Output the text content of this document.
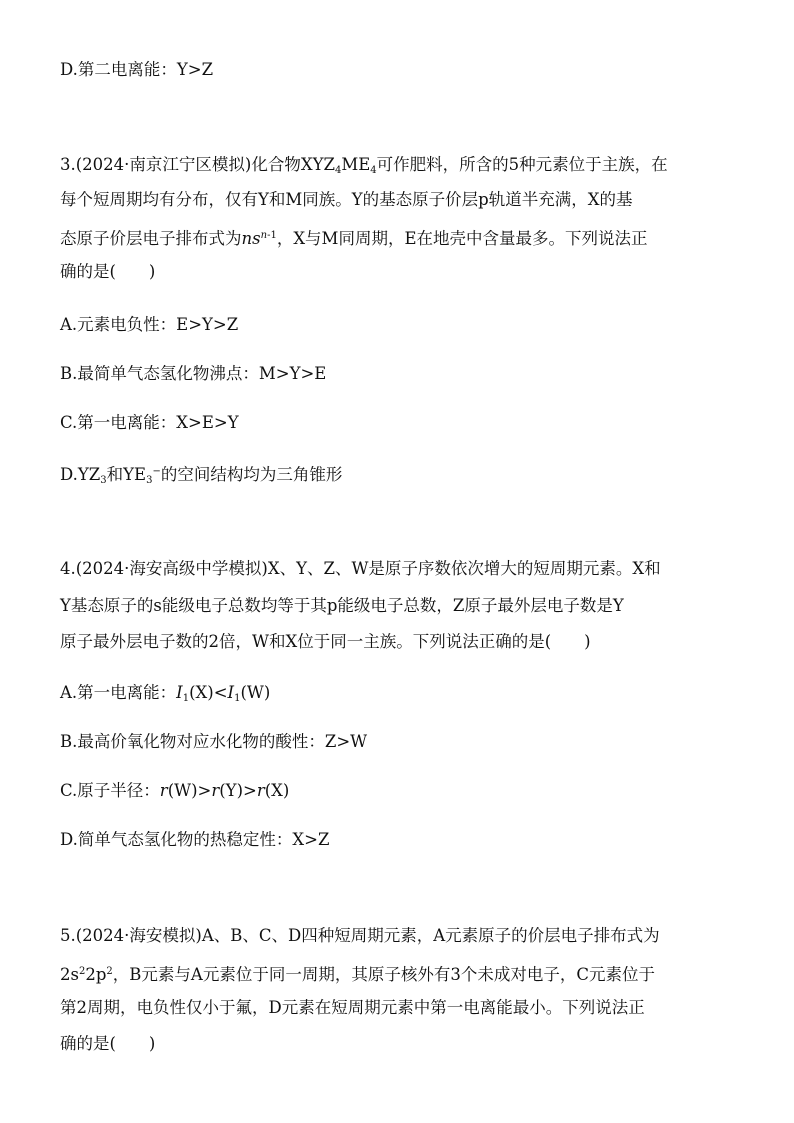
D.第二电离能：Y>Z
3.(2024·南京江宁区模拟)化合物$XYZ_4ME_4$可作肥料，所含的5种元素位于主族，在
每个短周期均有分布，仅有Y和M同族。Y的基态原子价层p轨道半充满，X的基
态原子价层电子排布式为$ns^{n-1}$，X与M同周期，E在地壳中含量最多。下列说法正
确的是(　　)
A.元素电负性：E>Y>Z
B.最简单气态氢化物沸点：M>Y>E
C.第一电离能：X>E>Y
$D.YZ_3$和$YE_3^-$的空间结构均为三角锥形
4.(2024·海安高级中学模拟)X、Y、Z、W是原子序数依次增大的短周期元素。X和
Y基态原子的s能级电子总数均等于其p能级电子总数，Z原子最外层电子数是Y
原子最外层电子数的2倍，W和X位于同一主族。下列说法正确的是(　　)
A.第一电离能：$I_1(X)<I_1(W)$
B.最高价氧化物对应水化物的酸性：Z>W
C.原子半径：r(W)>r(Y)>r(X)
D.简单气态氢化物的热稳定性：X>Z
5.(2024·海安模拟)A、B、C、D四种短周期元素，A元素原子的价层电子排布式为
$2s^22p^2$，B元素与A元素位于同一周期，其原子核外有3个未成对电子，C元素位于
第2周期，电负性仅小于氟，D元素在短周期元素中第一电离能最小。下列说法正
确的是(　　)
